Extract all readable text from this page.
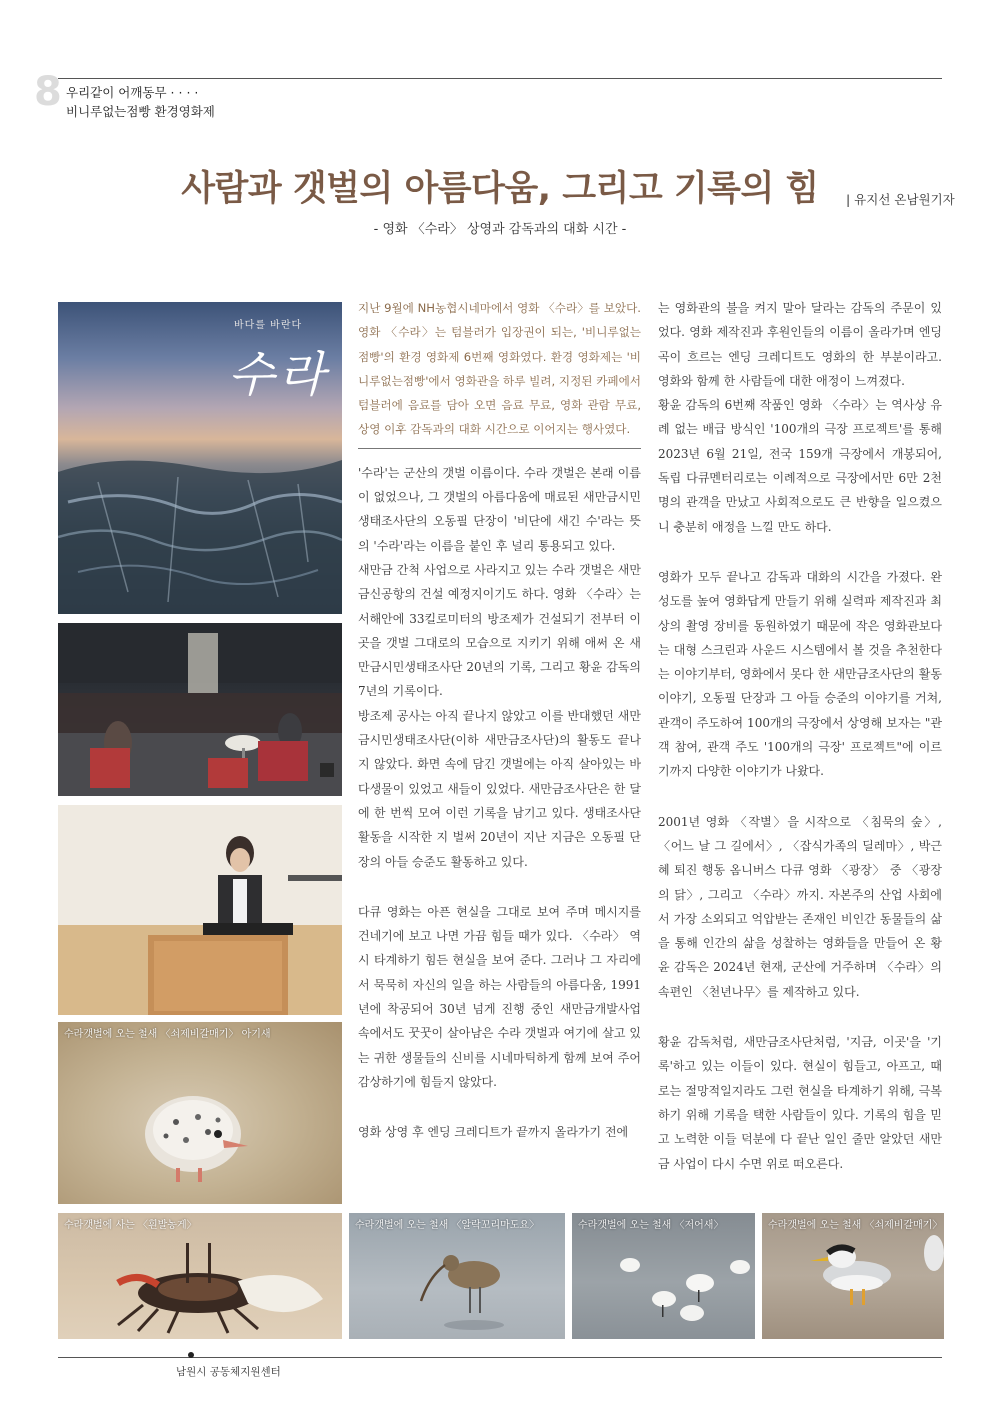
8 우리같이 어깨동무 · · · ·
비니루없는점빵 환경영화제
사람과 갯벌의 아름다움, 그리고 기록의 힘	| 유지선 온남원기자
- 영화 〈수라〉 상영과 감독과의 대화 시간 -
바다를 바란다
수라
수라갯벌에 오는 철새 〈쇠제비갈매기〉 아기새
수라갯벌에 사는 〈흰발농게〉	수라갯벌에 오는 철새 〈알락꼬리마도요〉	수라갯벌에 오는 철새 〈저어새〉	수라갯벌에 오는 철새 〈쇠제비갈매기〉

지난 9월에 NH농협시네마에서 영화 〈수라〉를 보았다. 영화 〈수라〉는 텀블러가 입장권이 되는, '비니루없는점빵'의 환경 영화제 6번째 영화였다. 환경 영화제는 '비니루없는점빵'에서 영화관을 하루 빌려, 지정된 카페에서 텀블러에 음료를 담아 오면 음료 무료, 영화 관람 무료, 상영 이후 감독과의 대화 시간으로 이어지는 행사였다.

'수라'는 군산의 갯벌 이름이다. 수라 갯벌은 본래 이름이 없었으나, 그 갯벌의 아름다움에 매료된 새만금시민생태조사단의 오동필 단장이 '비단에 새긴 수'라는 뜻의 '수라'라는 이름을 붙인 후 널리 통용되고 있다.

새만금 간척 사업으로 사라지고 있는 수라 갯벌은 새만금신공항의 건설 예정지이기도 하다. 영화 〈수라〉는 서해안에 33킬로미터의 방조제가 건설되기 전부터 이곳을 갯벌 그대로의 모습으로 지키기 위해 애써 온 새만금시민생태조사단 20년의 기록, 그리고 황윤 감독의 7년의 기록이다.

방조제 공사는 아직 끝나지 않았고 이를 반대했던 새만금시민생태조사단(이하 새만금조사단)의 활동도 끝나지 않았다. 화면 속에 담긴 갯벌에는 아직 살아있는 바다생물이 있었고 새들이 있었다. 새만금조사단은 한 달에 한 번씩 모여 이런 기록을 남기고 있다. 생태조사단 활동을 시작한 지 벌써 20년이 지난 지금은 오동필 단장의 아들 승준도 활동하고 있다.

다큐 영화는 아픈 현실을 그대로 보여 주며 메시지를 건네기에 보고 나면 가끔 힘들 때가 있다. 〈수라〉 역시 타계하기 힘든 현실을 보여 준다. 그러나 그 자리에서 묵묵히 자신의 일을 하는 사람들의 아름다움, 1991년에 착공되어 30년 넘게 진행 중인 새만금개발사업 속에서도 꿋꿋이 살아남은 수라 갯벌과 여기에 살고 있는 귀한 생물들의 신비를 시네마틱하게 함께 보여 주어 감상하기에 힘들지 않았다.

영화 상영 후 엔딩 크레디트가 끝까지 올라가기 전에

는 영화관의 불을 켜지 말아 달라는 감독의 주문이 있었다. 영화 제작진과 후원인들의 이름이 올라가며 엔딩곡이 흐르는 엔딩 크레디트도 영화의 한 부분이라고. 영화와 함께 한 사람들에 대한 애정이 느껴졌다.

황윤 감독의 6번째 작품인 영화 〈수라〉는 역사상 유례 없는 배급 방식인 '100개의 극장 프로젝트'를 통해 2023년 6월 21일, 전국 159개 극장에서 개봉되어, 독립 다큐멘터리로는 이례적으로 극장에서만 6만 2천명의 관객을 만났고 사회적으로도 큰 반향을 일으켰으니 충분히 애정을 느낄 만도 하다.

영화가 모두 끝나고 감독과 대화의 시간을 가졌다. 완성도를 높여 영화답게 만들기 위해 실력파 제작진과 최상의 촬영 장비를 동원하였기 때문에 작은 영화관보다는 대형 스크린과 사운드 시스템에서 볼 것을 추천한다는 이야기부터, 영화에서 못다 한 새만금조사단의 활동 이야기, 오동필 단장과 그 아들 승준의 이야기를 거쳐, 관객이 주도하여 100개의 극장에서 상영해 보자는 "관객 참여, 관객 주도 '100개의 극장' 프로젝트"에 이르기까지 다양한 이야기가 나왔다.

2001년 영화 〈작별〉을 시작으로 〈침묵의 숲〉, 〈어느 날 그 길에서〉, 〈잡식가족의 딜레마〉, 박근혜 퇴진 행동 옴니버스 다큐 영화 〈광장〉 중 〈광장의 닭〉, 그리고 〈수라〉까지. 자본주의 산업 사회에서 가장 소외되고 억압받는 존재인 비인간 동물들의 삶을 통해 인간의 삶을 성찰하는 영화들을 만들어 온 황윤 감독은 2024년 현재, 군산에 거주하며 〈수라〉의 속편인 〈천년나무〉를 제작하고 있다.

황윤 감독처럼, 새만금조사단처럼, '지금, 이곳'을 '기록'하고 있는 이들이 있다. 현실이 힘들고, 아프고, 때로는 절망적일지라도 그런 현실을 타계하기 위해, 극복하기 위해 기록을 택한 사람들이 있다. 기록의 힘을 믿고 노력한 이들 덕분에 다 끝난 일인 줄만 알았던 새만금 사업이 다시 수면 위로 떠오른다.

남원시 공동체지원센터
